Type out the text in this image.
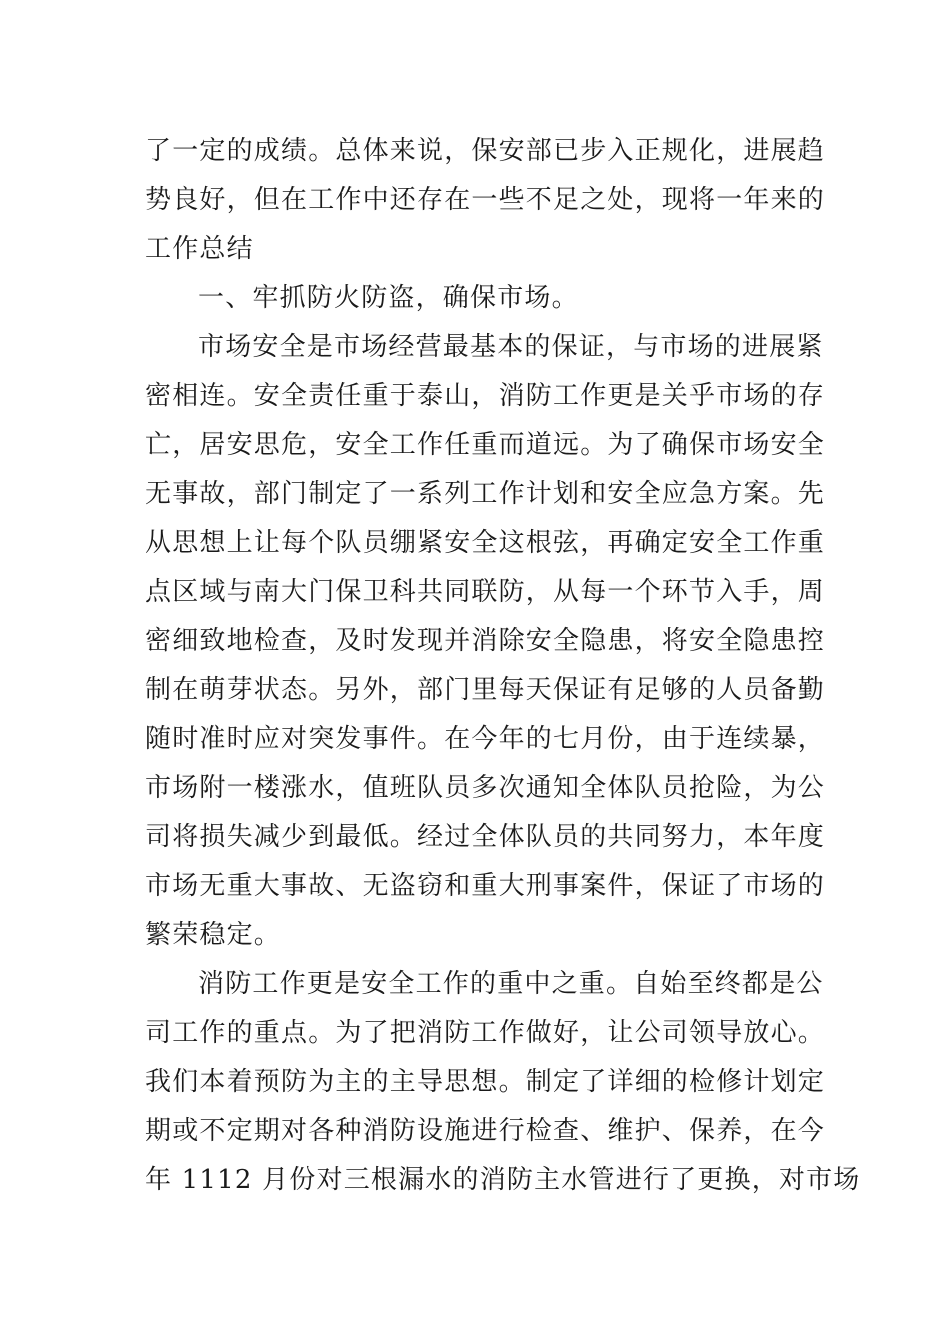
了一定的成绩。总体来说，保安部已步入正规化，进展趋
势良好，但在工作中还存在一些不足之处，现将一年来的
工作总结
一、牢抓防火防盗，确保市场。
市场安全是市场经营最基本的保证，与市场的进展紧
密相连。安全责任重于泰山，消防工作更是关乎市场的存
亡，居安思危，安全工作任重而道远。为了确保市场安全
无事故，部门制定了一系列工作计划和安全应急方案。先
从思想上让每个队员绷紧安全这根弦，再确定安全工作重
点区域与南大门保卫科共同联防，从每一个环节入手，周
密细致地检查，及时发现并消除安全隐患，将安全隐患控
制在萌芽状态。另外，部门里每天保证有足够的人员备勤
随时准时应对突发事件。在今年的七月份，由于连续暴，
市场附一楼涨水，值班队员多次通知全体队员抢险，为公
司将损失减少到最低。经过全体队员的共同努力，本年度
市场无重大事故、无盗窃和重大刑事案件，保证了市场的
繁荣稳定。
消防工作更是安全工作的重中之重。自始至终都是公
司工作的重点。为了把消防工作做好，让公司领导放心。
我们本着预防为主的主导思想。制定了详细的检修计划定
期或不定期对各种消防设施进行检查、维护、保养，在今
年 1112 月份对三根漏水的消防主水管进行了更换，对市场
